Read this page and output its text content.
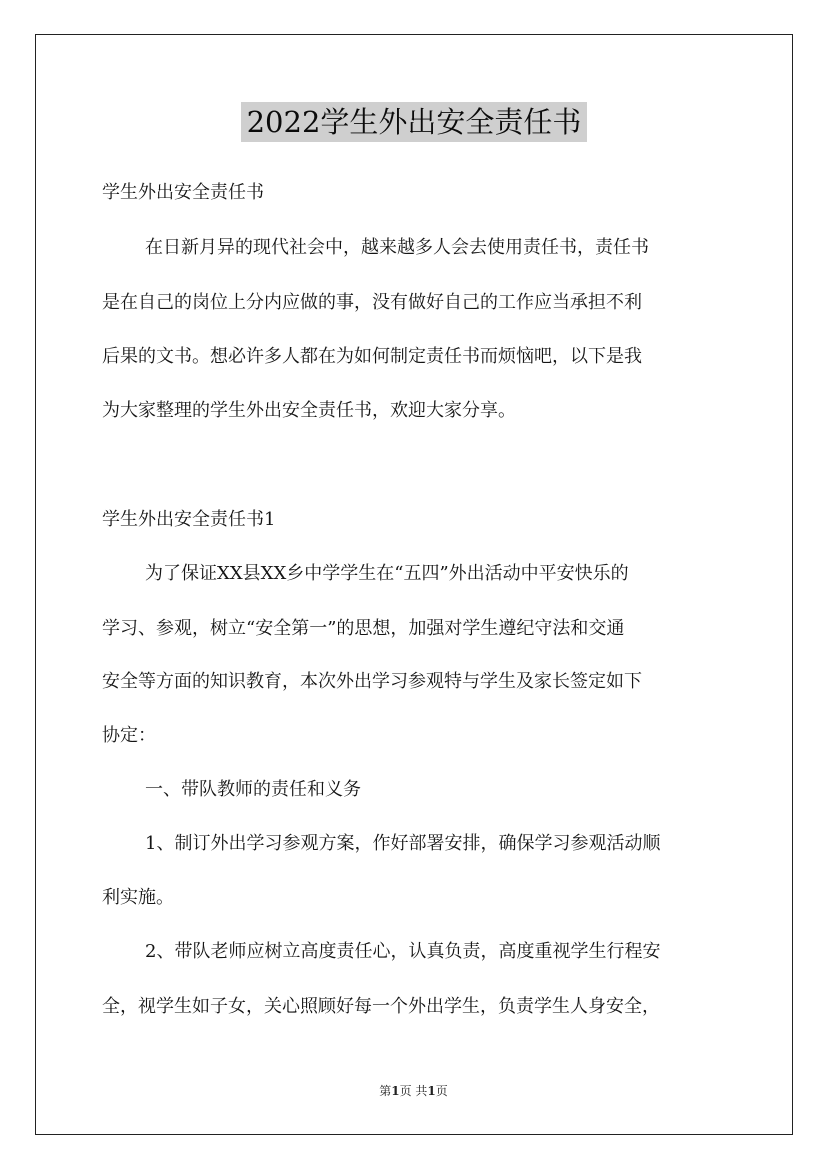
2022学生外出安全责任书
学生外出安全责任书
在日新月异的现代社会中，越来越多人会去使用责任书，责任书
是在自己的岗位上分内应做的事，没有做好自己的工作应当承担不利
后果的文书。想必许多人都在为如何制定责任书而烦恼吧，以下是我
为大家整理的学生外出安全责任书，欢迎大家分享。
学生外出安全责任书1
为了保证XX县XX乡中学学生在“五四”外出活动中平安快乐的
学习、参观，树立“安全第一”的思想，加强对学生遵纪守法和交通
安全等方面的知识教育，本次外出学习参观特与学生及家长签定如下
协定：
一、带队教师的责任和义务
1、制订外出学习参观方案，作好部署安排，确保学习参观活动顺
利实施。
2、带队老师应树立高度责任心，认真负责，高度重视学生行程安
全，视学生如子女，关心照顾好每一个外出学生，负责学生人身安全，
第1页 共1页
